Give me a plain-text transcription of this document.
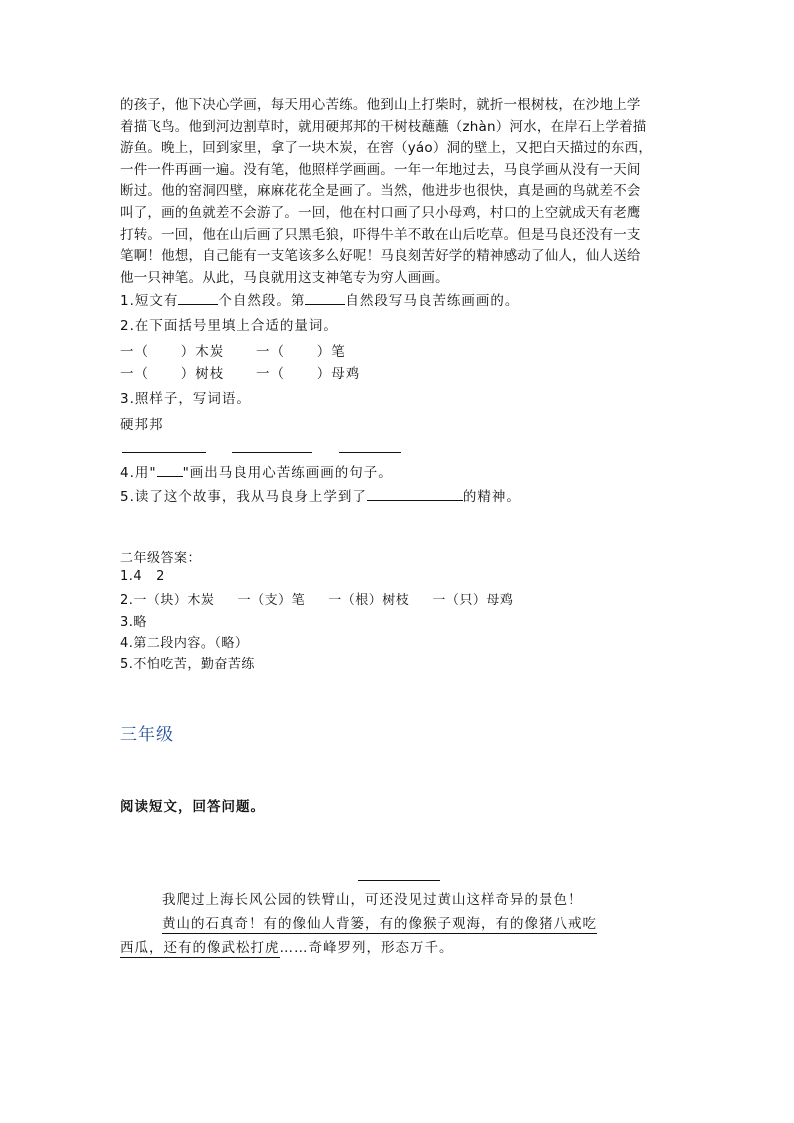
的孩子，他下决心学画，每天用心苦练。他到山上打柴时，就折一根树枝，在沙地上学
着描飞鸟。他到河边割草时，就用硬邦邦的干树枝蘸蘸（zhàn）河水，在岸石上学着描
游鱼。晚上，回到家里，拿了一块木炭，在窖（yáo）洞的壁上，又把白天描过的东西，
一件一件再画一遍。没有笔，他照样学画画。一年一年地过去，马良学画从没有一天间
断过。他的窑洞四壁，麻麻花花全是画了。当然，他进步也很快，真是画的鸟就差不会
叫了，画的鱼就差不会游了。一回，他在村口画了只小母鸡，村口的上空就成天有老鹰
打转。一回，他在山后画了只黑毛狼，吓得牛羊不敢在山后吃草。但是马良还没有一支
笔啊！他想，自己能有一支笔该多么好呢！马良刻苦好学的精神感动了仙人，仙人送给
他一只神笔。从此，马良就用这支神笔专为穷人画画。
1.短文有	个自然段。第	自然段写马良苦练画画的。
2.在下面括号里填上合适的量词。
一（      ）木炭      一（      ）笔
一（      ）树枝      一（      ）母鸡
3.照样子，写词语。
硬邦邦
4.用" "画出马良用心苦练画画的句子。
5.读了这个故事，我从马良身上学到了	的精神。
二年级答案：
1.4   2
2.一（块）木炭     一（支）笔     一（根）树枝     一（只）母鸡
3.略
4.第二段内容。（略）
5.不怕吃苦，勤奋苦练
三年级
阅读短文，回答问题。
我爬过上海长风公园的铁臂山，可还没见过黄山这样奇异的景色！
黄山的石真奇！有的像仙人背篓，有的像猴子观海，有的像猪八戒吃
西瓜，还有的像武松打虎……奇峰罗列，形态万千。
